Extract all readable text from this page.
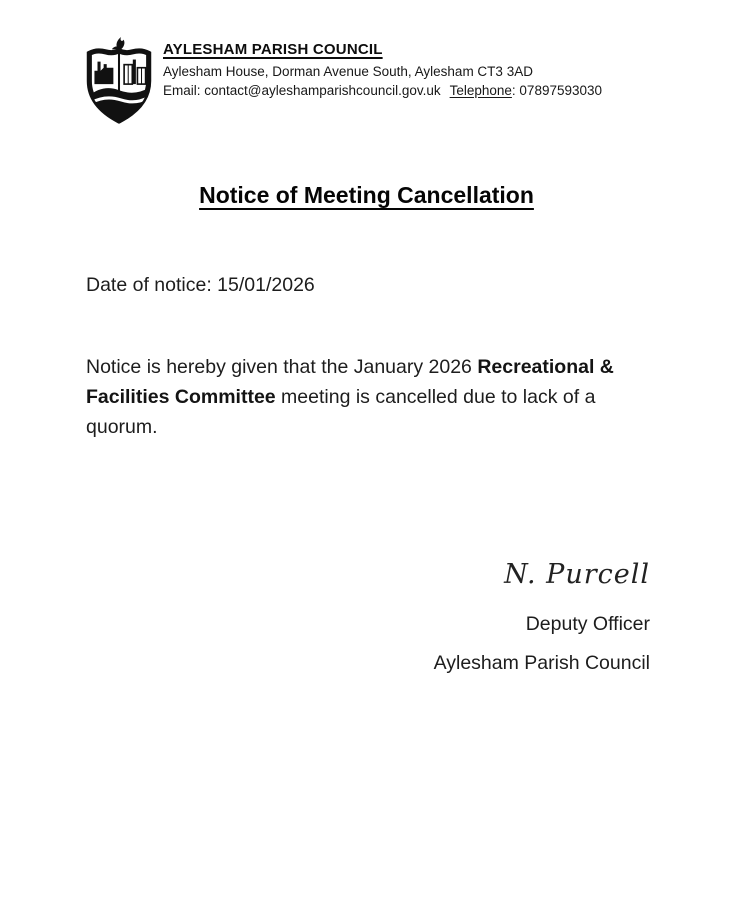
AYLESHAM PARISH COUNCIL
Aylesham House, Dorman Avenue South, Aylesham CT3 3AD
Email: contact@ayleshamparishcouncil.gov.uk Telephone: 07897593030
Notice of Meeting Cancellation

Date of notice: 15/01/2026

Notice is hereby given that the January 2026 Recreational & Facilities Committee meeting is cancelled due to lack of a quorum.

N. Purcell
Deputy Officer
Aylesham Parish Council
